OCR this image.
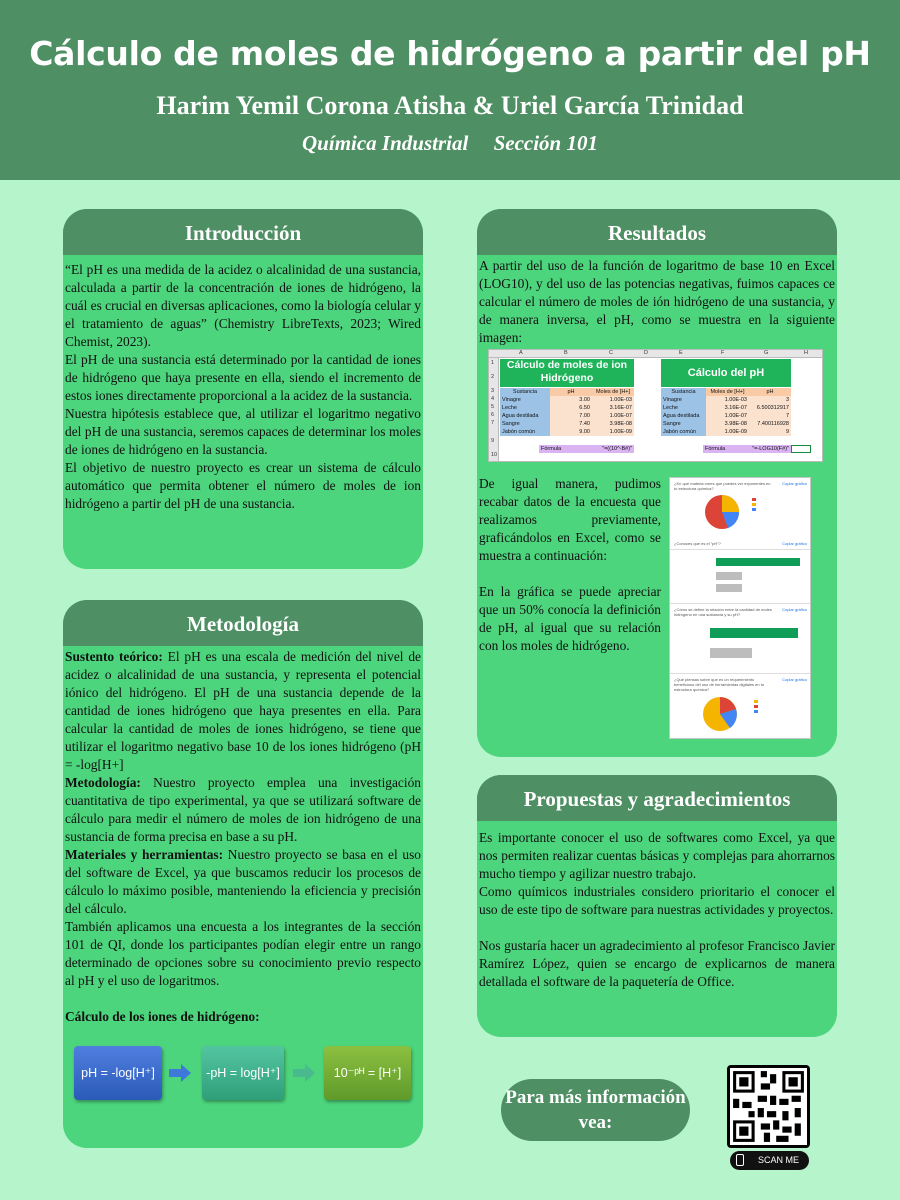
Cálculo de moles de hidrógeno a partir del pH
Harim Yemil Corona Atisha & Uriel García Trinidad
Química Industrial Sección 101
Introducción

“El pH es una medida de la acidez o alcalinidad de una sustancia, calculada a partir de la concentración de iones de hidrógeno, la cuál es crucial en diversas aplicaciones, como la biología celular y el tratamiento de aguas” (Chemistry LibreTexts, 2023; Wired Chemist, 2023).

El pH de una sustancia está determinado por la cantidad de iones de hidrógeno que haya presente en ella, siendo el incremento de estos iones directamente proporcional a la acidez de la sustancia.

Nuestra hipótesis establece que, al utilizar el logaritmo negativo del pH de una sustancia, seremos capaces de determinar los moles de iones de hidrógeno en la sustancia.

El objetivo de nuestro proyecto es crear un sistema de cálculo automático que permita obtener el número de moles de ion hidrógeno a partir del pH de una sustancia.

Metodología

Sustento teórico: El pH es una escala de medición del nivel de acidez o alcalinidad de una sustancia, y representa el potencial iónico del hidrógeno. El pH de una sustancia depende de la cantidad de iones hidrógeno que haya presentes en ella. Para calcular la cantidad de moles de iones hidrógeno, se tiene que utilizar el logaritmo negativo base 10 de los iones hidrógeno (pH = -log[H+]

Metodología: Nuestro proyecto emplea una investigación cuantitativa de tipo experimental, ya que se utilizará software de cálculo para medir el número de moles de ion hidrógeno de una sustancia de forma precisa en base a su pH.

Materiales y herramientas: Nuestro proyecto se basa en el uso del software de Excel, ya que buscamos reducir los procesos de cálculo lo máximo posible, manteniendo la eficiencia y precisión del cálculo.

También aplicamos una encuesta a los integrantes de la sección 101 de QI, donde los participantes podían elegir entre un rango determinado de opciones sobre su conocimiento previo respecto al pH y el uso de logaritmos.

Cálculo de los iones de hidrógeno:

pH = -log[H⁺]	-pH = log[H⁺]	10⁻ᵖᴴ = [H⁺]
Resultados

A partir del uso de la función de logaritmo de base 10 en Excel (LOG10), y del uso de las potencias negativas, fuimos capaces ce calcular el número de moles de ión hidrógeno de una sustancia, y de manera inversa, el pH, como se muestra en la siguiente imagen:

De igual manera, pudimos recabar datos de la encuesta que realizamos previamente, graficándolos en Excel, como se muestra a continuación:

En la gráfica se puede apreciar que un 50% conocía la definición de pH, al igual que su relación con los moles de hidrógeno.

A	B	C	D	E	F	G	H
1
2
3
4
5
6
7
9
10
Cálculo de moles de ion Hidrógeno
Sustancia	pH	Moles de [H+]
Vinagre	3.00	1.00E-03
Leche	6.50	3.16E-07
Agua destilada	7.00	1.00E-07
Sangre	7.40	3.98E-08
Jabón común	9.00	1.00E-09
Cálculo del pH
Sustancia	Moles de [H+]	pH
Vinagre	1.00E-03	3
Leche	3.16E-07	6.500312917
Agua destilada	1.00E-07	7
Sangre	3.98E-08	7.400116928
Jabón común	1.00E-09	9
Fórmula	"=((10^-B#)"	Fórmula	"=-LOG10(F#)"
¿En qué materia crees que puedes ver exponentes en tu estructura química?
Copiar gráfico
¿Conoces que es el "pH"?	Copiar gráfico
¿Cómo se define la relación entre la cantidad de moles hidrógeno en una sustancia y su pH?
Copiar gráfico
¿Qué piensas sobre que es un requerimiento beneficioso del uso de herramientas digitales en tu estructura química?
Copiar gráfico
Propuestas y agradecimientos

Es importante conocer el uso de softwares como Excel, ya que nos permiten realizar cuentas básicas y complejas para ahorrarnos mucho tiempo y agilizar nuestro trabajo.

Como químicos industriales considero prioritario el conocer el uso de este tipo de software para nuestras actividades y proyectos.

Nos gustaría hacer un agradecimiento al profesor Francisco Javier Ramírez López, quien se encargo de explicarnos de manera detallada el software de la paquetería de Office.

Para más información vea:
SCAN ME
